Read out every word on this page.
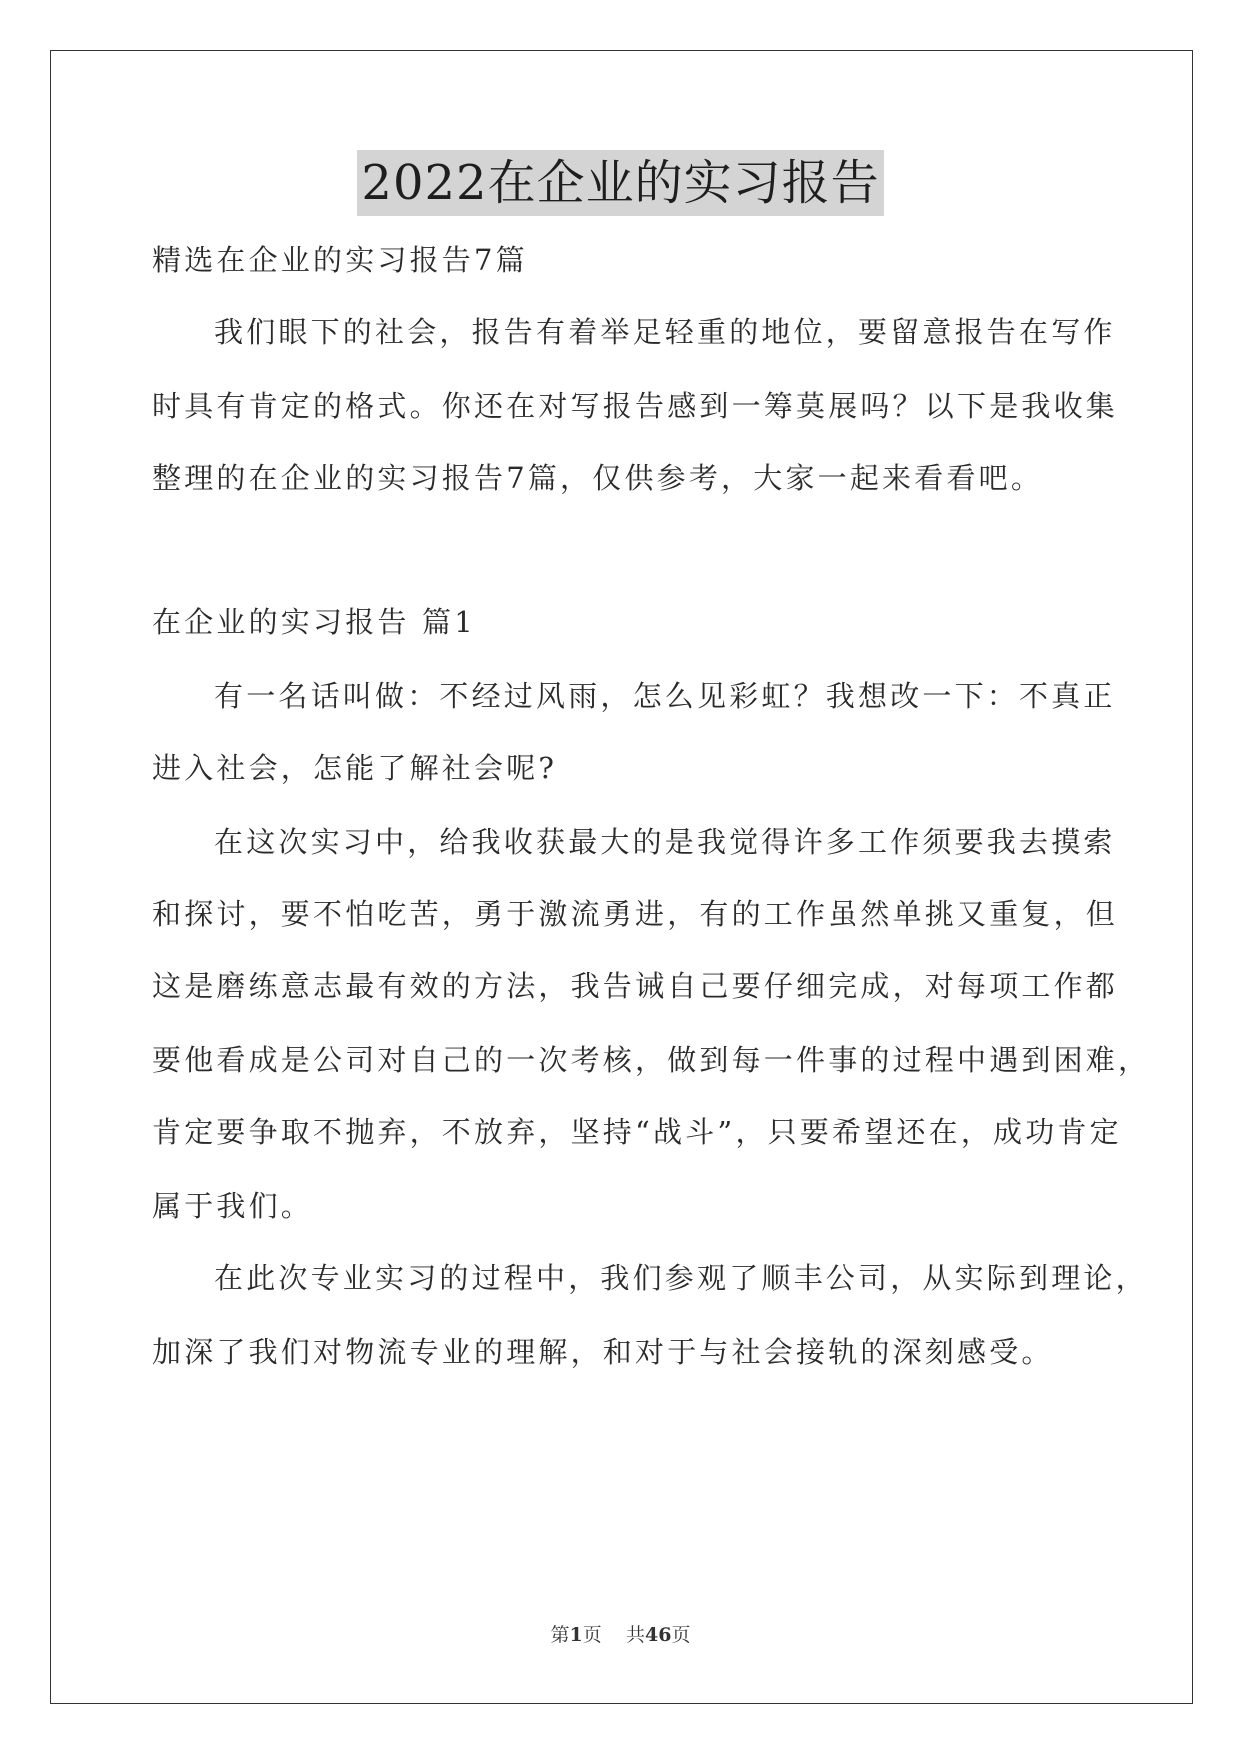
2022在企业的实习报告
精选在企业的实习报告7篇
我们眼下的社会，报告有着举足轻重的地位，要留意报告在写作
时具有肯定的格式。你还在对写报告感到一筹莫展吗？以下是我收集
整理的在企业的实习报告7篇，仅供参考，大家一起来看看吧。
在企业的实习报告 篇1
有一名话叫做：不经过风雨，怎么见彩虹？我想改一下：不真正
进入社会，怎能了解社会呢?
在这次实习中，给我收获最大的是我觉得许多工作须要我去摸索
和探讨，要不怕吃苦，勇于激流勇进，有的工作虽然单挑又重复，但
这是磨练意志最有效的方法，我告诫自己要仔细完成，对每项工作都
要他看成是公司对自己的一次考核，做到每一件事的过程中遇到困难，
肯定要争取不抛弃，不放弃，坚持“战斗”，只要希望还在，成功肯定
属于我们。
在此次专业实习的过程中，我们参观了顺丰公司，从实际到理论，
加深了我们对物流专业的理解，和对于与社会接轨的深刻感受。
第1页 共46页
